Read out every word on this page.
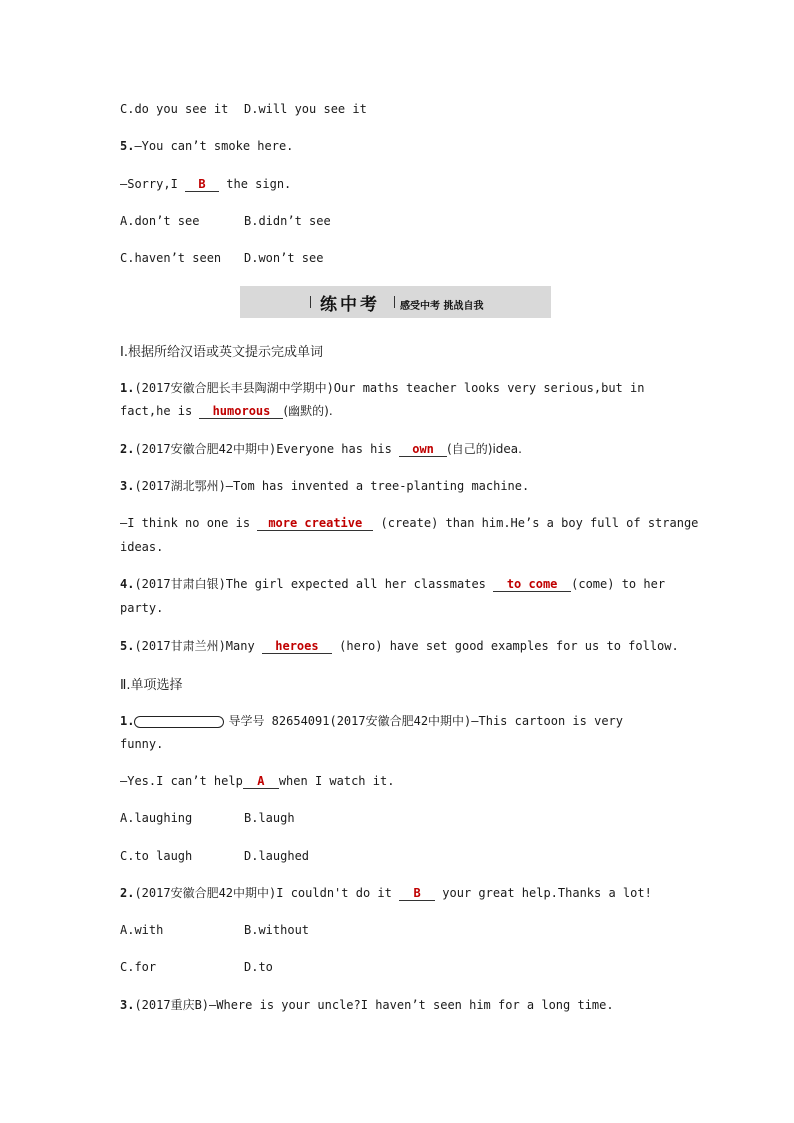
C.do you see it D.will you see it
5.—You can’t smoke here.
—Sorry,I B the sign.
A.don’t see	B.didn’t see
C.haven’t seen D.won’t see
练中考 感受中考 挑战自我
Ⅰ.根据所给汉语或英文提示完成单词
1.(2017安徽合肥长丰县陶湖中学期中)Our maths teacher looks very serious,but in
fact,he is humorous (幽默的).
2.(2017安徽合肥42中期中)Everyone has his own (自己的)idea.
3.(2017湖北鄂州)—Tom has invented a tree-planting machine.
—I think no one is more creative (create) than him.He’s a boy full of strange
ideas.
4.(2017甘肃白银)The girl expected all her classmates to come (come) to her
party.
5.(2017甘肃兰州)Many heroes (hero) have set good examples for us to follow.
Ⅱ.单项选择
1.	导学号 82654091(2017安徽合肥42中期中)—This cartoon is very
funny.
—Yes.I can’t help A when I watch it.
A.laughing	B.laugh
C.to laugh	D.laughed
2.(2017安徽合肥42中期中)I couldn't do it B your great help.Thanks a lot!
A.with	B.without
C.for	D.to
3.(2017重庆B)—Where is your uncle?I haven’t seen him for a long time.
